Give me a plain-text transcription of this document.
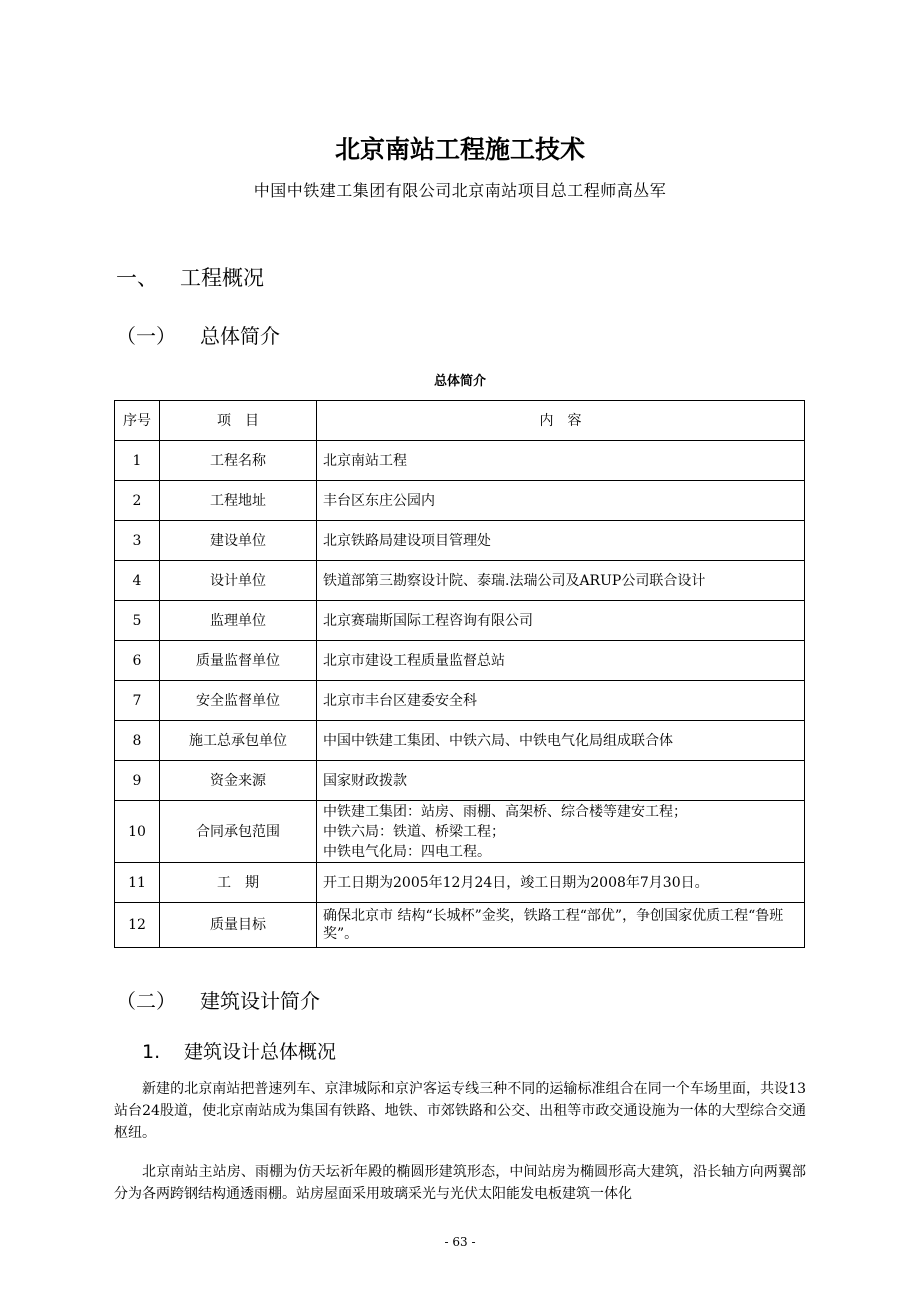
北京南站工程施工技术
中国中铁建工集团有限公司北京南站项目总工程师高丛军
一、 工程概况
（一） 总体简介
总体简介
序号	项　目	内　容
1	工程名称	北京南站工程
2	工程地址	丰台区东庄公园内
3	建设单位	北京铁路局建设项目管理处
4	设计单位	铁道部第三勘察设计院、泰瑞.法瑞公司及ARUP公司联合设计
5	监理单位	北京赛瑞斯国际工程咨询有限公司
6	质量监督单位	北京市建设工程质量监督总站
7	安全监督单位	北京市丰台区建委安全科
8	施工总承包单位	中国中铁建工集团、中铁六局、中铁电气化局组成联合体
9	资金来源	国家财政拨款
10	合同承包范围	中铁建工集团：站房、雨棚、高架桥、综合楼等建安工程；
中铁六局：铁道、桥梁工程；
中铁电气化局：四电工程。

11	工　期	开工日期为2005年12月24日，竣工日期为2008年7月30日。
12	质量目标	确保北京市 结构“长城杯”金奖，铁路工程“部优”，争创国家优质工程“鲁班奖”。
（二） 建筑设计简介
1. 建筑设计总体概况
新建的北京南站把普速列车、京津城际和京沪客运专线三种不同的运输标准组合在同一个车场里面，共设13站台24股道，使北京南站成为集国有铁路、地铁、市郊铁路和公交、出租等市政交通设施为一体的大型综合交通枢纽。
北京南站主站房、雨棚为仿天坛祈年殿的椭圆形建筑形态，中间站房为椭圆形高大建筑，沿长轴方向两翼部分为各两跨钢结构通透雨棚。站房屋面采用玻璃采光与光伏太阳能发电板建筑一体化
- 63 -
